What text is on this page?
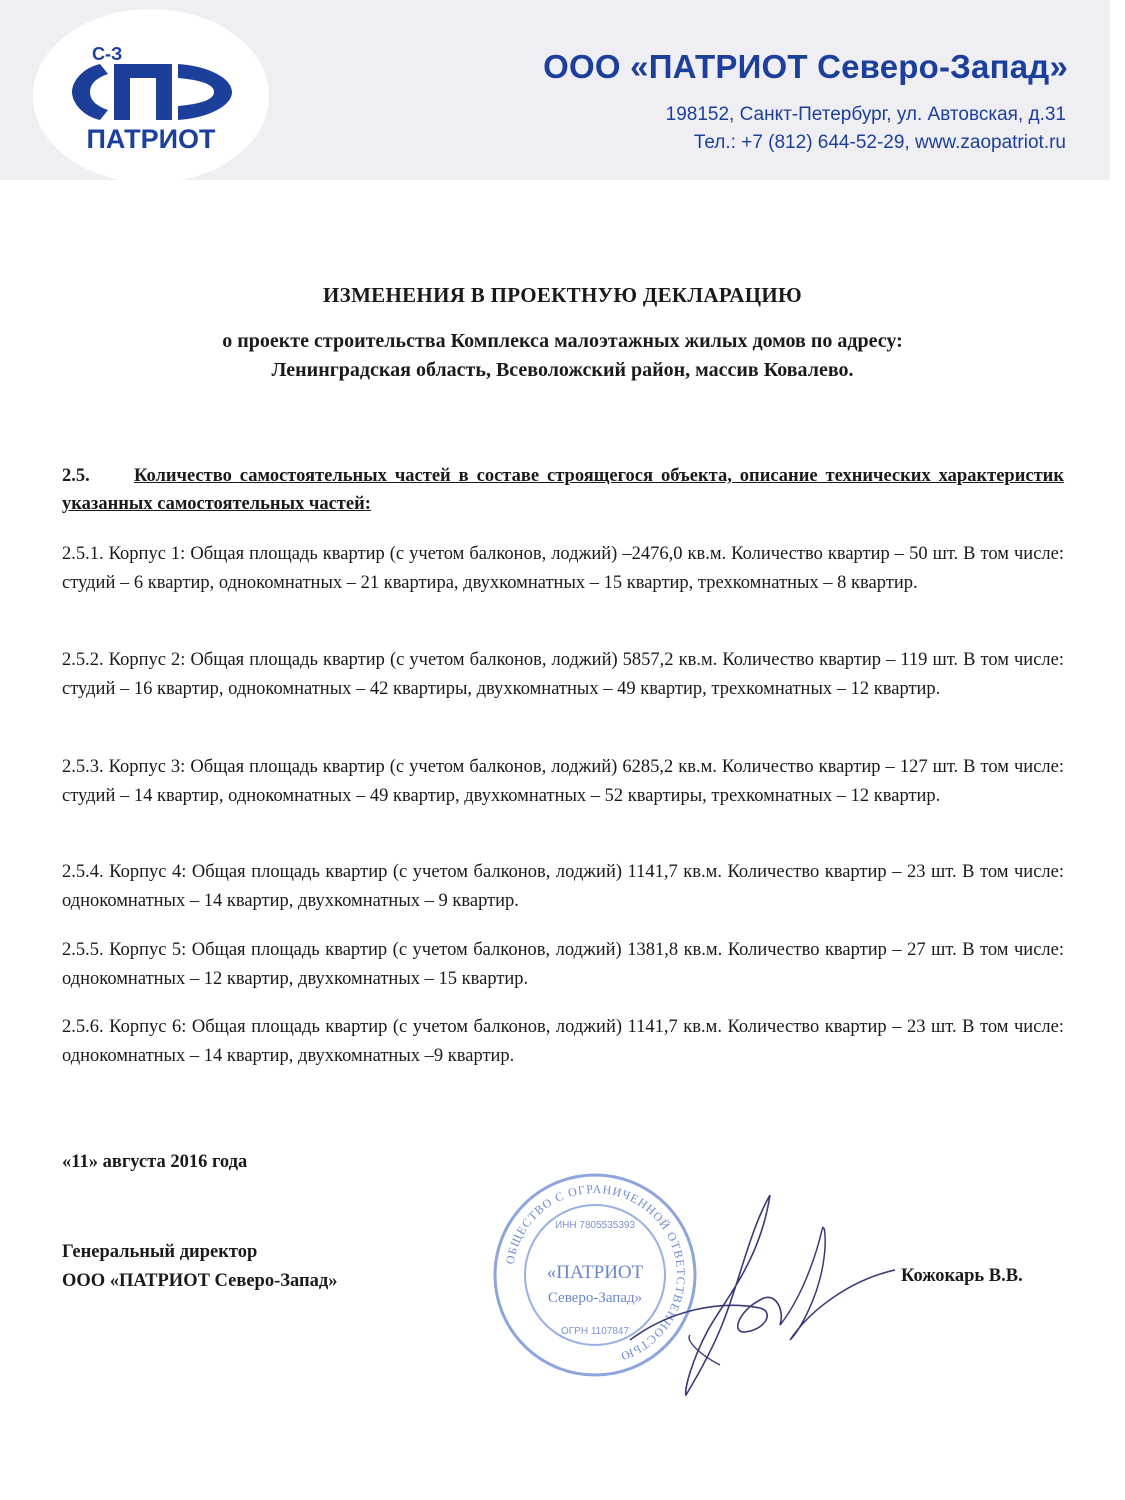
С-З
ПАТРИОТ
ООО «ПАТРИОТ Северо-Запад»
198152, Санкт-Петербург, ул. Автовская, д.31
Тел.: +7 (812) 644-52-29, www.zaopatriot.ru
ИЗМЕНЕНИЯ В ПРОЕКТНУЮ ДЕКЛАРАЦИЮ
о проекте строительства Комплекса малоэтажных жилых домов по адресу:
Ленинградская область, Всеволожский район, массив Ковалево.
2.5. Количество самостоятельных частей в составе строящегося объекта, описание технических характеристик указанных самостоятельных частей:
2.5.1. Корпус 1: Общая площадь квартир (с учетом балконов, лоджий) –2476,0 кв.м. Количество квартир – 50 шт. В том числе: студий – 6 квартир, однокомнатных – 21 квартира, двухкомнатных – 15 квартир, трехкомнатных – 8 квартир.
2.5.2. Корпус 2: Общая площадь квартир (с учетом балконов, лоджий) 5857,2 кв.м. Количество квартир – 119 шт. В том числе: студий – 16 квартир, однокомнатных – 42 квартиры, двухкомнатных – 49 квартир, трехкомнатных – 12 квартир.
2.5.3. Корпус 3: Общая площадь квартир (с учетом балконов, лоджий) 6285,2 кв.м. Количество квартир – 127 шт. В том числе: студий – 14 квартир, однокомнатных – 49 квартир, двухкомнатных – 52 квартиры, трехкомнатных – 12 квартир.
2.5.4. Корпус 4: Общая площадь квартир (с учетом балконов, лоджий) 1141,7 кв.м. Количество квартир – 23 шт. В том числе: однокомнатных – 14 квартир, двухкомнатных – 9 квартир.
2.5.5. Корпус 5: Общая площадь квартир (с учетом балконов, лоджий) 1381,8 кв.м. Количество квартир – 27 шт. В том числе: однокомнатных – 12 квартир, двухкомнатных – 15 квартир.
2.5.6. Корпус 6: Общая площадь квартир (с учетом балконов, лоджий) 1141,7 кв.м. Количество квартир – 23 шт. В том числе: однокомнатных – 14 квартир, двухкомнатных –9 квартир.
«11» августа 2016 года
Генеральный директор
ООО «ПАТРИОТ Северо-Запад»
ОБЩЕСТВО С ОГРАНИЧЕННОЙ ОТВЕТСТВЕННОСТЬЮ
ИНН 7805535393
«ПАТРИОТ
Северо-Запад»
ОГРН 1107847
Кожокарь В.В.
